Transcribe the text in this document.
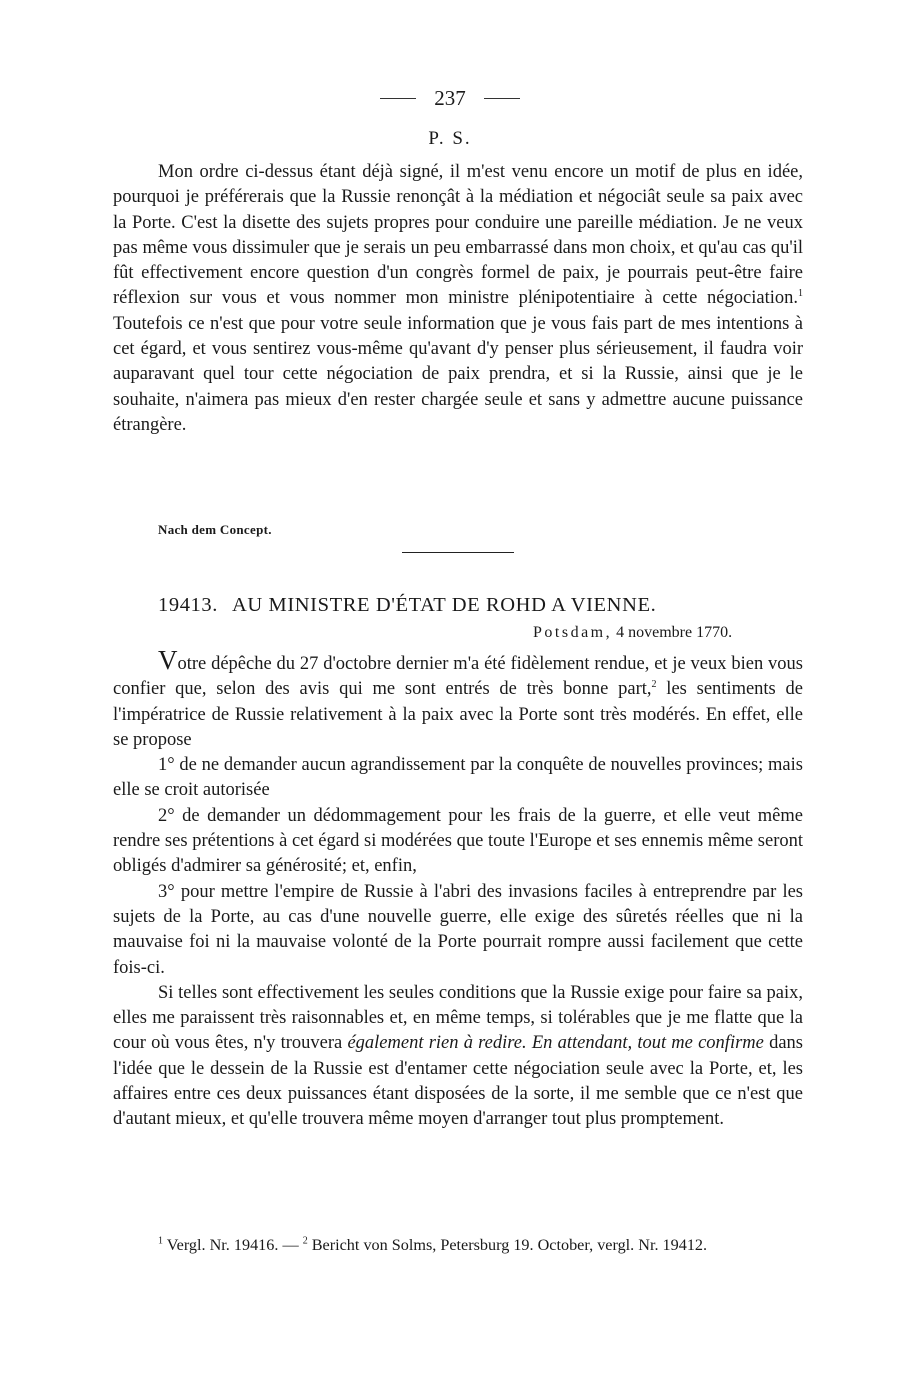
237
P. S.

Mon ordre ci-dessus étant déjà signé, il m'est venu encore un motif de plus en idée, pourquoi je préférerais que la Russie renonçât à la médiation et négociât seule sa paix avec la Porte. C'est la disette des sujets propres pour conduire une pareille médiation. Je ne veux pas même vous dissimuler que je serais un peu embarrassé dans mon choix, et qu'au cas qu'il fût effectivement encore question d'un congrès formel de paix, je pourrais peut-être faire réflexion sur vous et vous nommer mon ministre plénipotentiaire à cette négociation.$^1$ Toutefois ce n'est que pour votre seule information que je vous fais part de mes intentions à cet égard, et vous sentirez vous-même qu'avant d'y penser plus sérieusement, il faudra voir auparavant quel tour cette négociation de paix prendra, et si la Russie, ainsi que je le souhaite, n'aimera pas mieux d'en rester chargée seule et sans y admettre aucune puissance étrangère.

Nach dem Concept.
19413. AU MINISTRE D'ÉTAT DE ROHD A VIENNE.
Potsdam, 4 novembre 1770.

Votre dépêche du 27 d'octobre dernier m'a été fidèlement rendue, et je veux bien vous confier que, selon des avis qui me sont entrés de très bonne part,$^2$ les sentiments de l'impératrice de Russie relativement à la paix avec la Porte sont très modérés. En effet, elle se propose

1° de ne demander aucun agrandissement par la conquête de nouvelles provinces; mais elle se croit autorisée

2° de demander un dédommagement pour les frais de la guerre, et elle veut même rendre ses prétentions à cet égard si modérées que toute l'Europe et ses ennemis même seront obligés d'admirer sa générosité; et, enfin,

3° pour mettre l'empire de Russie à l'abri des invasions faciles à entreprendre par les sujets de la Porte, au cas d'une nouvelle guerre, elle exige des sûretés réelles que ni la mauvaise foi ni la mauvaise volonté de la Porte pourrait rompre aussi facilement que cette fois-ci.

Si telles sont effectivement les seules conditions que la Russie exige pour faire sa paix, elles me paraissent très raisonnables et, en même temps, si tolérables que je me flatte que la cour où vous êtes, n'y trouvera également rien à redire. En attendant, tout me confirme dans l'idée que le dessein de la Russie est d'entamer cette négociation seule avec la Porte, et, les affaires entre ces deux puissances étant disposées de la sorte, il me semble que ce n'est que d'autant mieux, et qu'elle trouvera même moyen d'arranger tout plus promptement.

$^1$ Vergl. Nr. 19416. — $^2$ Bericht von Solms, Petersburg 19. October, vergl. Nr. 19412.
